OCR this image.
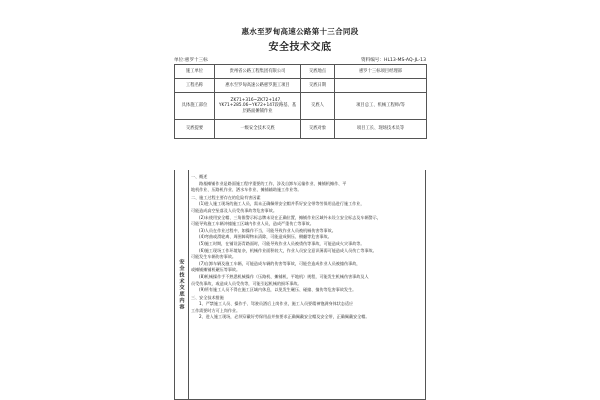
惠水至罗甸高速公路第十三合同段
安全技术交底
单位:惠罗十三标	资料编号：HL13-MS-AQ-JL-13
施工单位	贵州省公路工程集团有限公司	交底地点	惠罗十三标项目经理部
工程名称	惠水至罗甸高速公路惠罗施工项目	交底日期	
具体施工部位	ZK71+316~ZK72+147、YK71+285.06~YK72+147段路基、基层路面摊铺作业	交底人	项目总工、机械工程师/等
交底提要	一级安全技术交底	交底对象	项目工长、现场技术员等
安全技术交底内容

一、概述

路基摊铺作业是路面施工程序重要的工作，涉及自卸车运输作业、摊铺机摊作、平

地机作业、压路机作业、洒水车作业、摊铺辅助施工作业等。

二、施工过程主要存在的危险有害因素

(1)进入施工现场的施工人员，需未正确佩带安全帽并系好安全带等劳保用品进行施工作业，

可能造成高空坠落及人员受伤事故等危害事故。

(2)未使用安全帽、三角锥警示标志牌未设在正确位置，摊铺作业区域外未设立安全标志及车辆警示，

可能导致施工车辆冲撞施工区域内作业人员，造成严重伤亡等事故。

(3)人员在作业过程中，如操作不当，可能导致作业人员被机械伤害等事故。

(4)弯曲或滑轮离、周围障碍物未清除，可能造成倒压、侧翻等危害事故。

(5)施工时期，在铺设沥青路面时，可能导致作业人员被烫伤等事故，可能造成火灾事故等。

(6)施工现场工作环境复杂，机械作业面积较大，作业人员安全意识薄弱可能造成人员伤亡等事故。

可能发生车辆伤害事故。

(7)自卸车辆及施工车辆，可能造成车辆的伤害等事故，可能会造成作业人员被撞伤事故，

或摊铺摊铺机碾压等事故。

(8)机械操作手不熟悉机械操作（压路机、摊铺机、平地机）规程，可能发生机械伤害事故及人

员受伤事故，或造成人员受伤等，可能引起机械的损坏事故。

(9)所有施工人员不得在施工区域内休息，以免发生碾压、碰撞、撞伤等危害事故发生。

三、安全技术措施

1、严禁施工人员、操作手、驾驶员酒后上岗作业，施工人员要精神饱满身体状态适应

工作需要时方可上岗作业。

2、进入施工现场，必须穿戴好劳保用品并按要求正确佩戴安全帽及安全带，正确佩戴安全帽。
